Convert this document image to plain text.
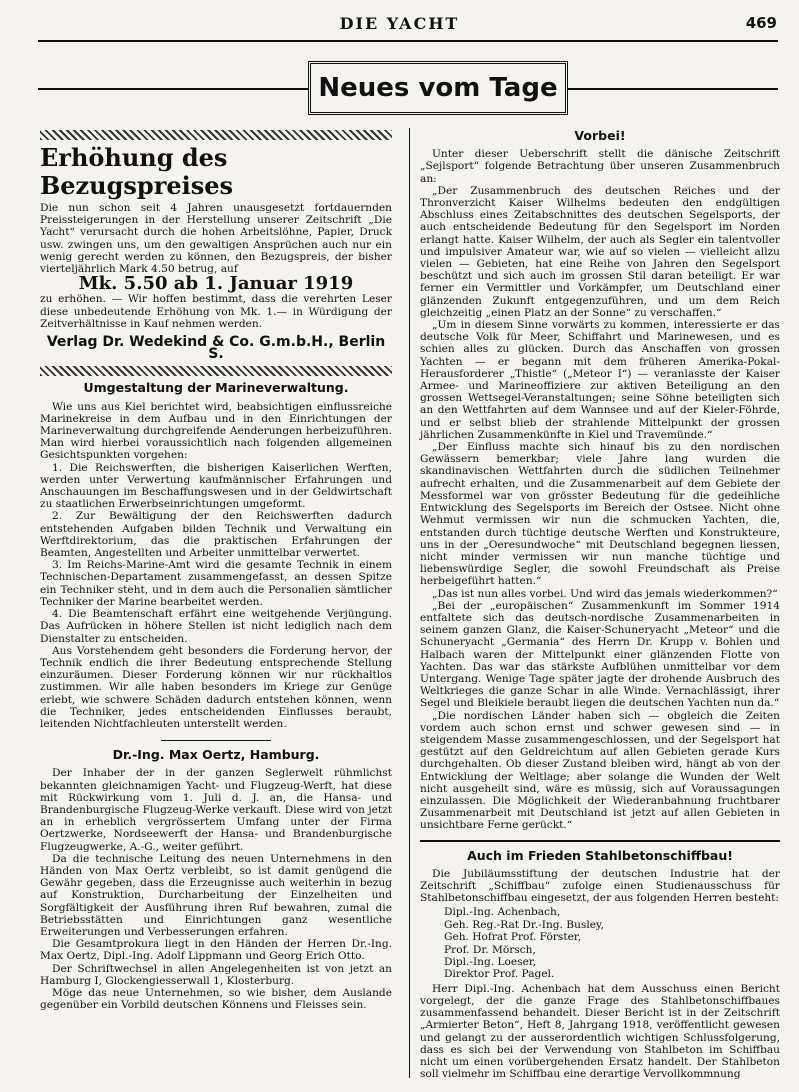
DIE YACHT	469
Neues vom Tage
Erhöhung des Bezugspreises

Die nun schon seit 4 Jahren unausgesetzt fortdauernden Preissteigerungen in der Herstellung unserer Zeitschrift „Die Yacht“ verursacht durch die hohen Arbeitslöhne, Papier, Druck usw. zwingen uns, um den gewaltigen Ansprüchen auch nur ein wenig gerecht werden zu können, den Bezugspreis, der bisher vierteljährlich Mark 4.50 betrug, auf

Mk. 5.50 ab 1. Januar 1919

zu erhöhen. — Wir hoffen bestimmt, dass die verehrten Leser diese unbedeutende Erhöhung von Mk. 1.— in Würdigung der Zeitverhältnisse in Kauf nehmen werden.

Verlag Dr. Wedekind & Co. G.m.b.H., Berlin S.
Umgestaltung der Marineverwaltung.

Wie uns aus Kiel berichtet wird, beabsichtigen einflussreiche Marinekreise in dem Aufbau und in den Einrichtungen der Marineverwaltung durchgreifende Aenderungen herbeizuführen. Man wird hierbei voraussichtlich nach folgenden allgemeinen Gesichtspunkten vorgehen:

1. Die Reichswerften, die bisherigen Kaiserlichen Werften, werden unter Verwertung kaufmännischer Erfahrungen und Anschauungen im Beschaffungswesen und in der Geldwirtschaft zu staatlichen Erwerbseinrichtungen umgeformt.

2. Zur Bewältigung der den Reichswerften dadurch entstehenden Aufgaben bilden Technik und Verwaltung ein Werftdirektorium, das die praktischen Erfahrungen der Beamten, Angestellten und Arbeiter unmittelbar verwertet.

3. Im Reichs-Marine-Amt wird die gesamte Technik in einem Technischen-Departament zusammengefasst, an dessen Spitze ein Techniker steht, und in dem auch die Personalien sämtlicher Techniker der Marine bearbeitet werden.

4. Die Beamtenschaft erfährt eine weitgehende Verjüngung. Das Aufrücken in höhere Stellen ist nicht lediglich nach dem Dienstalter zu entscheiden.

Aus Vorstehendem geht besonders die Forderung hervor, der Technik endlich die ihrer Bedeutung entsprechende Stellung einzuräumen. Dieser Forderung können wir nur rückhaltlos zustimmen. Wir alle haben besonders im Kriege zur Genüge erlebt, wie schwere Schäden dadurch entstehen können, wenn die Techniker, jedes entscheidenden Einflusses beraubt, leitenden Nichtfachleuten unterstellt werden.

Dr.-Ing. Max Oertz, Hamburg.

Der Inhaber der in der ganzen Seglerwelt rühmlichst bekannten gleichnamigen Yacht- und Flugzeug-Werft, hat diese mit Rückwirkung vom 1. Juli d. J. an, die Hansa- und Brandenburgische Flugzeug-Werke verkauft. Diese wird von jetzt an in erheblich vergrössertem Umfang unter der Firma Oertzwerke, Nordseewerft der Hansa- und Brandenburgische Flugzeugwerke, A.-G., weiter geführt.

Da die technische Leitung des neuen Unternehmens in den Händen von Max Oertz verbleibt, so ist damit genügend die Gewähr gegeben, dass die Erzeugnisse auch weiterhin in bezug auf Konstruktion, Durcharbeitung der Einzelheiten und Sorgfältigkeit der Ausführung ihren Ruf bewahren, zumal die Betriebsstätten und Einrichtungen ganz wesentliche Erweiterungen und Verbesserungen erfahren.

Die Gesamtprokura liegt in den Händen der Herren Dr.-Ing. Max Oertz, Dipl.-Ing. Adolf Lippmann und Georg Erich Otto.

Der Schriftwechsel in allen Angelegenheiten ist von jetzt an Hamburg I, Glockengiesserwall 1, Klosterburg.

Möge das neue Unternehmen, so wie bisher, dem Auslande gegenüber ein Vorbild deutschen Könnens und Fleisses sein.

Vorbei!

Unter dieser Ueberschrift stellt die dänische Zeitschrift „Sejlsport“ folgende Betrachtung über unseren Zusammenbruch an:

„Der Zusammenbruch des deutschen Reiches und der Thronverzicht Kaiser Wilhelms bedeuten den endgültigen Abschluss eines Zeitabschnittes des deutschen Segelsports, der auch entscheidende Bedeutung für den Segelsport im Norden erlangt hatte. Kaiser Wilhelm, der auch als Segler ein talentvoller und impulsiver Amateur war, wie auf so vielen — vielleicht allzu vielen — Gebieten, hat eine Reihe von Jahren den Segelsport beschützt und sich auch im grossen Stil daran beteiligt. Er war ferner ein Vermittler und Vorkämpfer, um Deutschland einer glänzenden Zukunft entgegenzuführen, und um dem Reich gleichzeitig „einen Platz an der Sonne“ zu verschaffen.“

„Um in diesem Sinne vorwärts zu kommen, interessierte er das deutsche Volk für Meer, Schiffahrt und Marinewesen, und es schien alles zu glücken. Durch das Anschaffen von grossen Yachten — er begann mit dem früheren Amerika-Pokal-Herausforderer „Thistle“ („Meteor I“) — veranlasste der Kaiser Armee- und Marineoffiziere zur aktiven Beteiligung an den grossen Wettsegel-Veranstaltungen; seine Söhne beteiligten sich an den Wettfahrten auf dem Wannsee und auf der Kieler-Föhrde, und er selbst blieb der strahlende Mittelpunkt der grossen jährlichen Zusammenkünfte in Kiel und Travemünde.“

„Der Einfluss machte sich hinauf bis zu den nordischen Gewässern bemerkbar; viele Jahre lang wurden die skandinavischen Wettfahrten durch die südlichen Teilnehmer aufrecht erhalten, und die Zusammenarbeit auf dem Gebiete der Messformel war von grösster Bedeutung für die gedeihliche Entwicklung des Segelsports im Bereich der Ostsee. Nicht ohne Wehmut vermissen wir nun die schmucken Yachten, die, entstanden durch tüchtige deutsche Werften und Konstrukteure, uns in der „Oeresundwoche“ mit Deutschland begegnen liessen, nicht minder vermissen wir nun manche tüchtige und liebenswürdige Segler, die sowohl Freundschaft als Preise herbeigeführt hatten.“

„Das ist nun alles vorbei. Und wird das jemals wiederkommen?“

„Bei der „europäischen“ Zusammenkunft im Sommer 1914 entfaltete sich das deutsch-nordische Zusammenarbeiten in seinem ganzen Glanz, die Kaiser-Schuneryacht „Meteor“ und die Schuneryacht „Germania“ des Herrn Dr. Krupp v. Bohlen und Halbach waren der Mittelpunkt einer glänzenden Flotte von Yachten. Das war das stärkste Aufblühen unmittelbar vor dem Untergang. Wenige Tage später jagte der drohende Ausbruch des Weltkrieges die ganze Schar in alle Winde. Vernachlässigt, ihrer Segel und Bleikiele beraubt liegen die deutschen Yachten nun da.“

„Die nordischen Länder haben sich — obgleich die Zeiten vordem auch schon ernst und schwer gewesen sind — in steigendem Masse zusammengeschlossen, und der Segelsport hat gestützt auf den Geldreichtum auf allen Gebieten gerade Kurs durchgehalten. Ob dieser Zustand bleiben wird, hängt ab von der Entwicklung der Weltlage; aber solange die Wunden der Welt nicht ausgeheilt sind, wäre es müssig, sich auf Voraussagungen einzulassen. Die Möglichkeit der Wiederanbahnung fruchtbarer Zusammenarbeit mit Deutschland ist jetzt auf allen Gebieten in unsichtbare Ferne gerückt.“

Auch im Frieden Stahlbetonschiffbau!

Die Jubiläumsstiftung der deutschen Industrie hat der Zeitschrift „Schiffbau“ zufolge einen Studienausschuss für Stahlbetonschiffbau eingesetzt, der aus folgenden Herren besteht:

Dipl.-Ing. Achenbach,
Geh. Reg.-Rat Dr.-Ing. Busley,
Geh. Hofrat Prof. Förster,
Prof. Dr. Mörsch,
Dipl.-Ing. Loeser,
Direktor Prof. Pagel.

Herr Dipl.-Ing. Achenbach hat dem Ausschuss einen Bericht vorgelegt, der die ganze Frage des Stahlbetonschiffbaues zusammenfassend behandelt. Dieser Bericht ist in der Zeitschrift „Armierter Beton“, Heft 8, Jahrgang 1918, veröffentlicht gewesen und gelangt zu der ausserordentlich wichtigen Schlussfolgerung, dass es sich bei der Verwendung von Stahlbeton im Schiffbau nicht um einen vorübergehenden Ersatz handelt. Der Stahlbeton soll vielmehr im Schiffbau eine derartige Vervollkommnung
